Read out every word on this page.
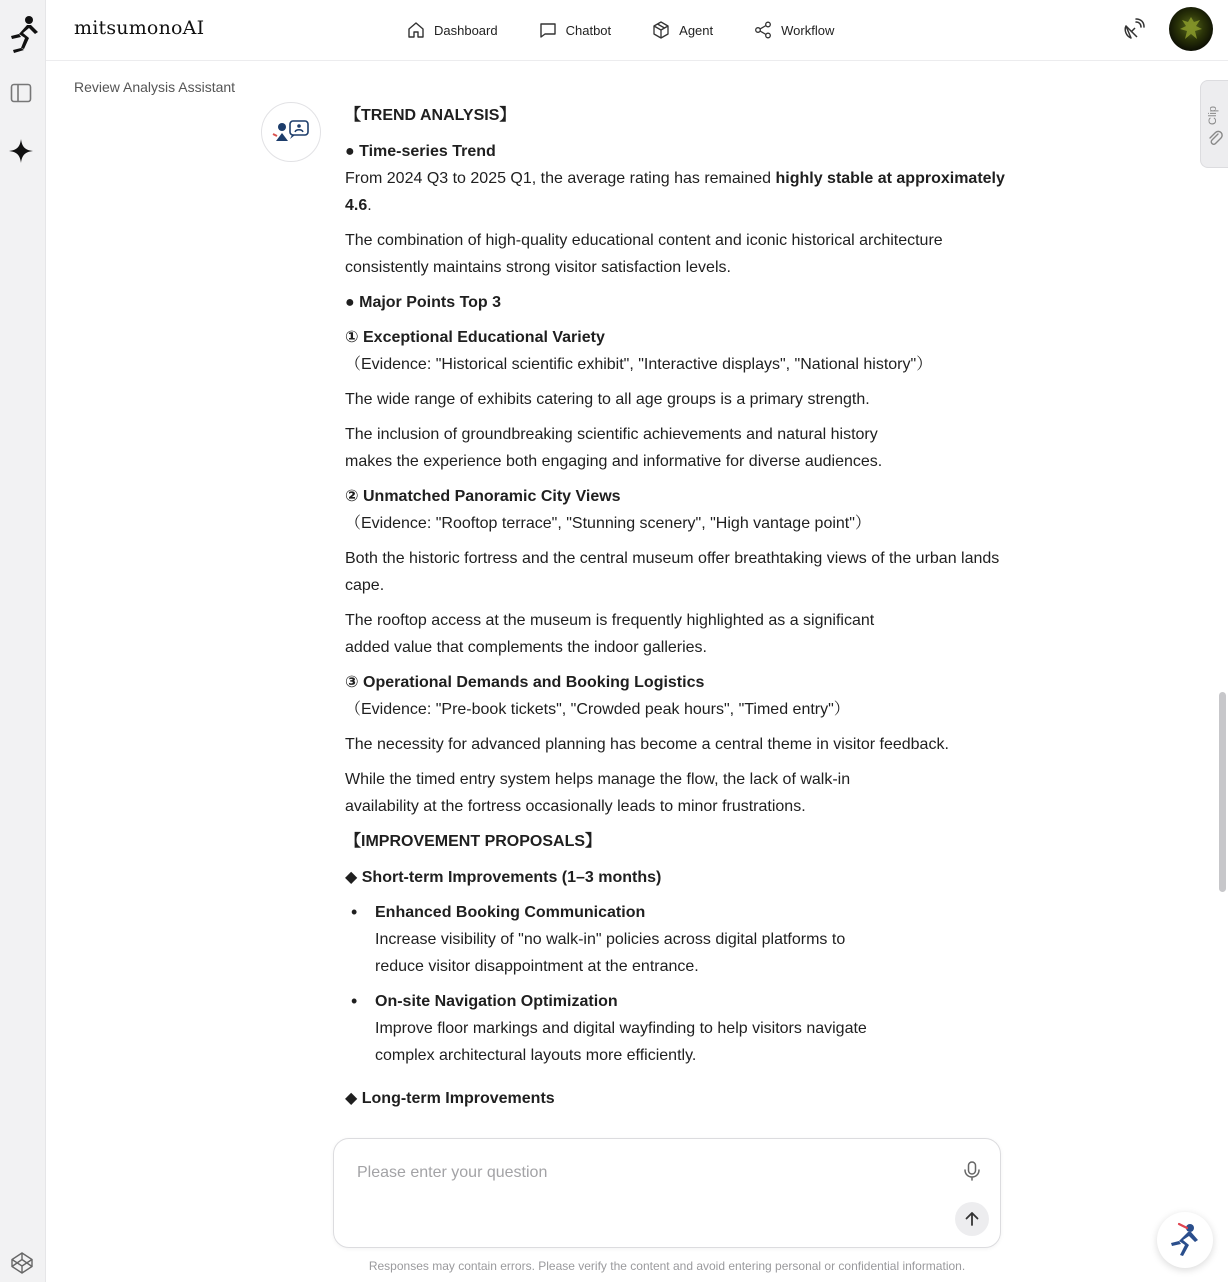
mitsumonoAI	Dashboard	Chatbot	Agent	Workflow
Review Analysis Assistant
Clip

【TREND ANALYSIS】

● Time-series Trend

From 2024 Q3 to 2025 Q1, the average rating has remained highly stable at approximately 4.6.

The combination of high-quality educational content and iconic historical architecture consistently maintains strong visitor satisfaction levels.

● Major Points Top 3

① Exceptional Educational Variety

（Evidence: "Historical scientific exhibit", "Interactive displays", "National history"）

The wide range of exhibits catering to all age groups is a primary strength.

The inclusion of groundbreaking scientific achievements and natural history
makes the experience both engaging and informative for diverse audiences.

② Unmatched Panoramic City Views

（Evidence: "Rooftop terrace", "Stunning scenery", "High vantage point"）

Both the historic fortress and the central museum offer breathtaking views of the urban landscape.

The rooftop access at the museum is frequently highlighted as a significant
added value that complements the indoor galleries.

③ Operational Demands and Booking Logistics

（Evidence: "Pre-book tickets", "Crowded peak hours", "Timed entry"）

The necessity for advanced planning has become a central theme in visitor feedback.

While the timed entry system helps manage the flow, the lack of walk-in
availability at the fortress occasionally leads to minor frustrations.

【IMPROVEMENT PROPOSALS】

◆ Short-term Improvements (1–3 months)

• Enhanced Booking Communication
Increase visibility of "no walk-in" policies across digital platforms to
reduce visitor disappointment at the entrance.
• On-site Navigation Optimization
Improve floor markings and digital wayfinding to help visitors navigate
complex architectural layouts more efficiently.

◆ Long-term Improvements

Please enter your question
Responses may contain errors. Please verify the content and avoid entering personal or confidential information.
